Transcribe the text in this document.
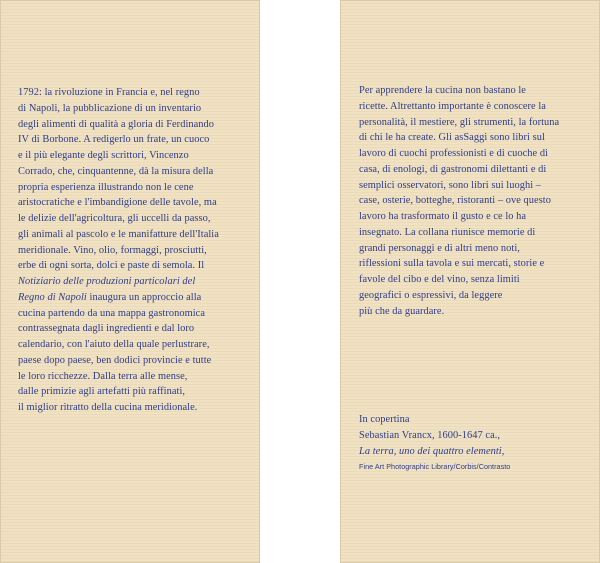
1792: la rivoluzione in Francia e, nel regno
di Napoli, la pubblicazione di un inventario
degli alimenti di qualità a gloria di Ferdinando
IV di Borbone. A redigerlo un frate, un cuoco
e il più elegante degli scrittori, Vincenzo
Corrado, che, cinquantenne, dà la misura della
propria esperienza illustrando non le cene
aristocratiche e l'imbandigione delle tavole, ma
le delizie dell'agricoltura, gli uccelli da passo,
gli animali al pascolo e le manifatture dell'Italia
meridionale. Vino, olio, formaggi, prosciutti,
erbe di ogni sorta, dolci e paste di semola. Il
Notiziario delle produzioni particolari del
Regno di Napoli inaugura un approccio alla
cucina partendo da una mappa gastronomica
contrassegnata dagli ingredienti e dal loro
calendario, con l'aiuto della quale perlustrare,
paese dopo paese, ben dodici provincie e tutte
le loro ricchezze. Dalla terra alle mense,
dalle primizie agli artefatti più raffinati,
il miglior ritratto della cucina meridionale.
Per apprendere la cucina non bastano le
ricette. Altrettanto importante è conoscere la
personalità, il mestiere, gli strumenti, la fortuna
di chi le ha create. Gli asSaggi sono libri sul
lavoro di cuochi professionisti e di cuoche di
casa, di enologi, di gastronomi dilettanti e di
semplici osservatori, sono libri sui luoghi –
case, osterie, botteghe, ristoranti – ove questo
lavoro ha trasformato il gusto e ce lo ha
insegnato. La collana riunisce memorie di
grandi personaggi e di altri meno noti,
riflessioni sulla tavola e sui mercati, storie e
favole del cibo e del vino, senza limiti
geografici o espressivi, da leggere
più che da guardare.
In copertina
Sebastian Vrancx, 1600-1647 ca.,
La terra, uno dei quattro elementi,
Fine Art Photographic Library/Corbis/Contrasto
